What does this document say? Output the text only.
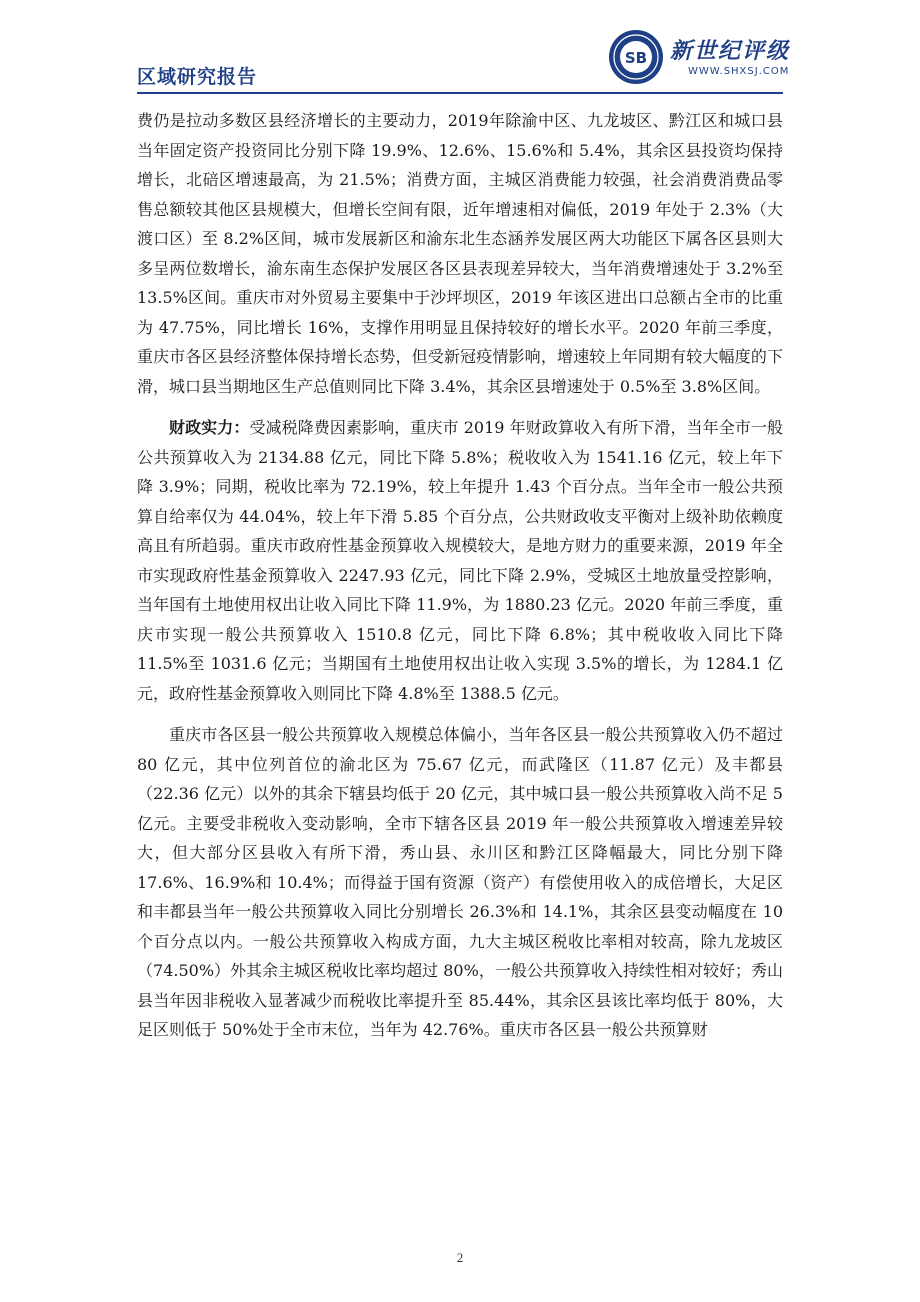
区域研究报告
SB 新世纪评级
WWW.SHXSJ.COM

费仍是拉动多数区县经济增长的主要动力，2019年除渝中区、九龙坡区、黔江区和城口县当年固定资产投资同比分别下降 19.9%、12.6%、15.6%和 5.4%，其余区县投资均保持增长，北碚区增速最高，为 21.5%；消费方面，主城区消费能力较强，社会消费消费品零售总额较其他区县规模大，但增长空间有限，近年增速相对偏低，2019 年处于 2.3%（大渡口区）至 8.2%区间，城市发展新区和渝东北生态涵养发展区两大功能区下属各区县则大多呈两位数增长，渝东南生态保护发展区各区县表现差异较大，当年消费增速处于 3.2%至 13.5%区间。重庆市对外贸易主要集中于沙坪坝区，2019 年该区进出口总额占全市的比重为 47.75%，同比增长 16%，支撑作用明显且保持较好的增长水平。2020 年前三季度，重庆市各区县经济整体保持增长态势，但受新冠疫情影响，增速较上年同期有较大幅度的下滑，城口县当期地区生产总值则同比下降 3.4%，其余区县增速处于 0.5%至 3.8%区间。

财政实力：受减税降费因素影响，重庆市 2019 年财政算收入有所下滑，当年全市一般公共预算收入为 2134.88 亿元，同比下降 5.8%；税收收入为 1541.16 亿元，较上年下降 3.9%；同期，税收比率为 72.19%，较上年提升 1.43 个百分点。当年全市一般公共预算自给率仅为 44.04%，较上年下滑 5.85 个百分点，公共财政收支平衡对上级补助依赖度高且有所趋弱。重庆市政府性基金预算收入规模较大，是地方财力的重要来源，2019 年全市实现政府性基金预算收入 2247.93 亿元，同比下降 2.9%，受城区土地放量受控影响，当年国有土地使用权出让收入同比下降 11.9%，为 1880.23 亿元。2020 年前三季度，重庆市实现一般公共预算收入 1510.8 亿元，同比下降 6.8%；其中税收收入同比下降 11.5%至 1031.6 亿元；当期国有土地使用权出让收入实现 3.5%的增长，为 1284.1 亿元，政府性基金预算收入则同比下降 4.8%至 1388.5 亿元。

重庆市各区县一般公共预算收入规模总体偏小，当年各区县一般公共预算收入仍不超过 80 亿元，其中位列首位的渝北区为 75.67 亿元，而武隆区（11.87 亿元）及丰都县（22.36 亿元）以外的其余下辖县均低于 20 亿元，其中城口县一般公共预算收入尚不足 5 亿元。主要受非税收入变动影响，全市下辖各区县 2019 年一般公共预算收入增速差异较大，但大部分区县收入有所下滑，秀山县、永川区和黔江区降幅最大，同比分别下降 17.6%、16.9%和 10.4%；而得益于国有资源（资产）有偿使用收入的成倍增长，大足区和丰都县当年一般公共预算收入同比分别增长 26.3%和 14.1%，其余区县变动幅度在 10 个百分点以内。一般公共预算收入构成方面，九大主城区税收比率相对较高，除九龙坡区（74.50%）外其余主城区税收比率均超过 80%，一般公共预算收入持续性相对较好；秀山县当年因非税收入显著减少而税收比率提升至 85.44%，其余区县该比率均低于 80%，大足区则低于 50%处于全市末位，当年为 42.76%。重庆市各区县一般公共预算财

2
